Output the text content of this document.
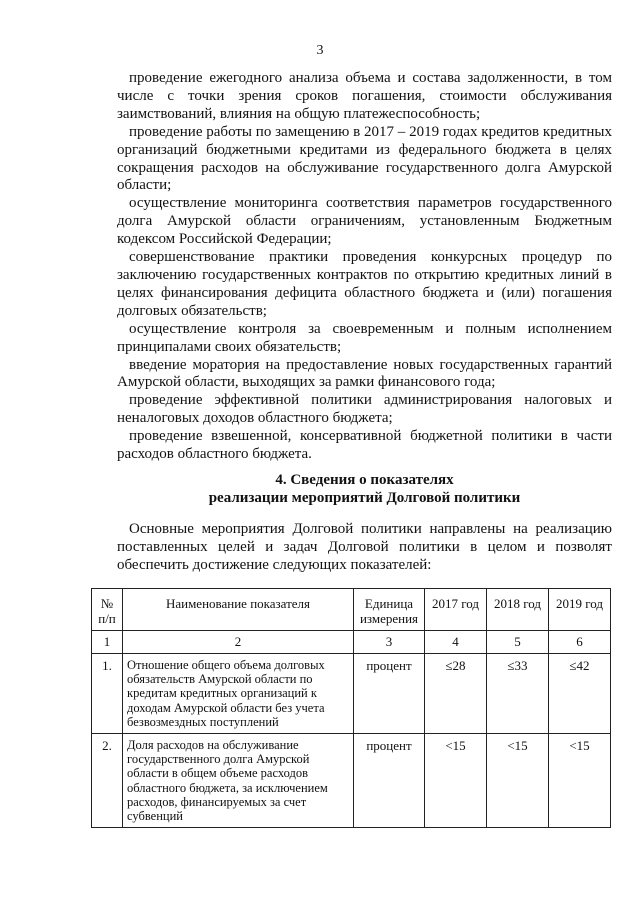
3

проведение ежегодного анализа объема и состава задолженности, в том числе с точки зрения сроков погашения, стоимости обслуживания заимствований, влияния на общую платежеспособность;

проведение работы по замещению в 2017 – 2019 годах кредитов кредитных организаций бюджетными кредитами из федерального бюджета в целях сокращения расходов на обслуживание государственного долга Амурской области;

осуществление мониторинга соответствия параметров государственного долга Амурской области ограничениям, установленным Бюджетным кодексом Российской Федерации;

совершенствование практики проведения конкурсных процедур по заключению государственных контрактов по открытию кредитных линий в целях финансирования дефицита областного бюджета и (или) погашения долговых обязательств;

осуществление контроля за своевременным и полным исполнением принципалами своих обязательств;

введение моратория на предоставление новых государственных гарантий Амурской области, выходящих за рамки финансового года;

проведение эффективной политики администрирования налоговых и неналоговых доходов областного бюджета;

проведение взвешенной, консервативной бюджетной политики в части расходов областного бюджета.

4. Сведения о показателях
реализации мероприятий Долговой политики

Основные мероприятия Долговой политики направлены на реализацию поставленных целей и задач Долговой политики в целом и позволят обеспечить достижение следующих показателей:

№ п/п	Наименование показателя	Единица измерения	2017 год	2018 год	2019 год
1	2	3	4	5	6
1.	Отношение общего объема долговых обязательств Амурской области по кредитам кредитных организаций к доходам Амурской области без учета безвозмездных поступлений	процент	≤28	≤33	≤42
2.	Доля расходов на обслуживание государственного долга Амурской области в общем объеме расходов областного бюджета, за исключением расходов, финансируемых за счет субвенций	процент	<15	<15	<15
